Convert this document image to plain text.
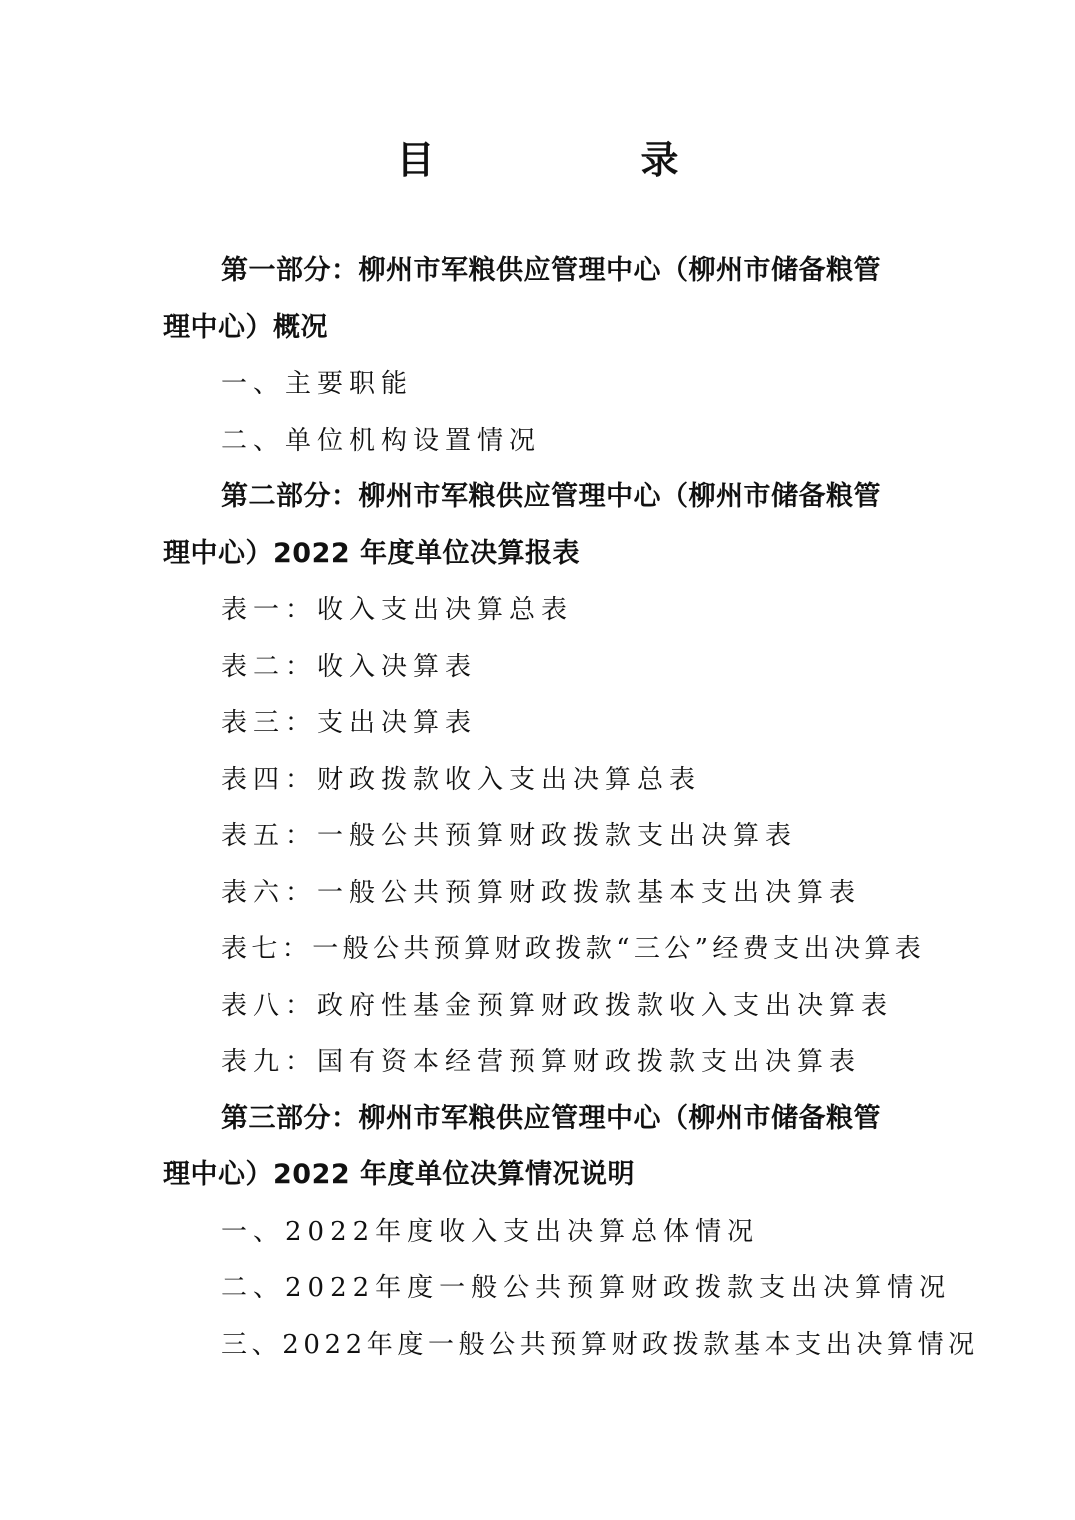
目　录
第一部分：柳州市军粮供应管理中心（柳州市储备粮管
理中心）概况
一、主要职能
二、单位机构设置情况
第二部分：柳州市军粮供应管理中心（柳州市储备粮管
理中心）2022 年度单位决算报表
表一：收入支出决算总表
表二：收入决算表
表三：支出决算表
表四：财政拨款收入支出决算总表
表五：一般公共预算财政拨款支出决算表
表六：一般公共预算财政拨款基本支出决算表
表七：一般公共预算财政拨款“三公”经费支出决算表
表八：政府性基金预算财政拨款收入支出决算表
表九：国有资本经营预算财政拨款支出决算表
第三部分：柳州市军粮供应管理中心（柳州市储备粮管
理中心）2022 年度单位决算情况说明
一、2022年度收入支出决算总体情况
二、2022年度一般公共预算财政拨款支出决算情况
三、2022年度一般公共预算财政拨款基本支出决算情况
